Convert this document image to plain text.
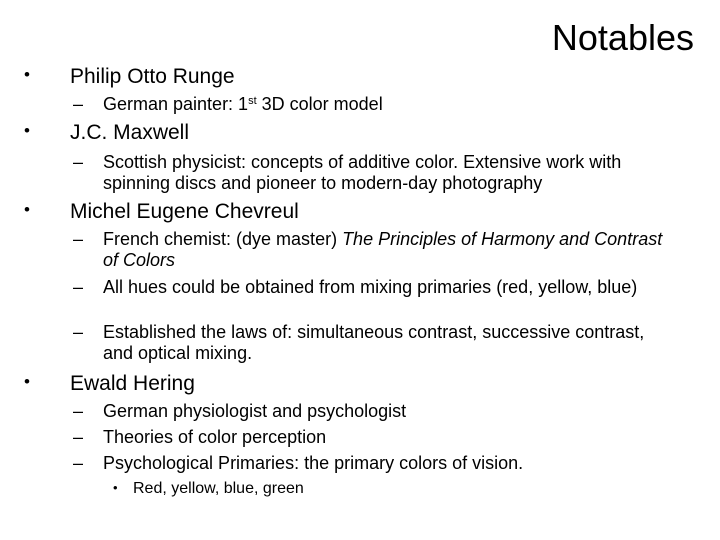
Notables
• Philip Otto Runge
– German painter: 1st 3D color model
• J.C. Maxwell
– Scottish physicist: concepts of additive color. Extensive work with spinning discs and pioneer to modern-day photography
• Michel Eugene Chevreul
– French chemist: (dye master) The Principles of Harmony and Contrast of Colors
– All hues could be obtained from mixing primaries (red, yellow, blue)
– Established the laws of: simultaneous contrast, successive contrast, and optical mixing.
• Ewald Hering
– German physiologist and psychologist
– Theories of color perception
– Psychological Primaries: the primary colors of vision.
• Red, yellow, blue, green
